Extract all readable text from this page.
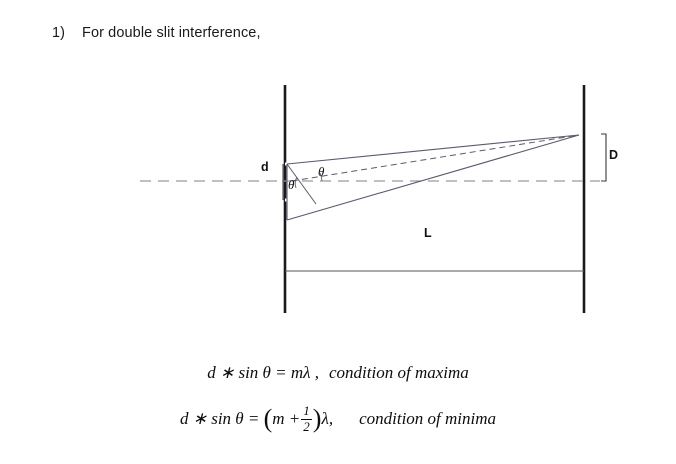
1) For double slit interference,
d
D
L
θ
θ
d ∗ sin θ = mλ , condition of maxima
d ∗ $\sin \theta = (m + \frac{1}{2} )\lambda$, condition of minima
